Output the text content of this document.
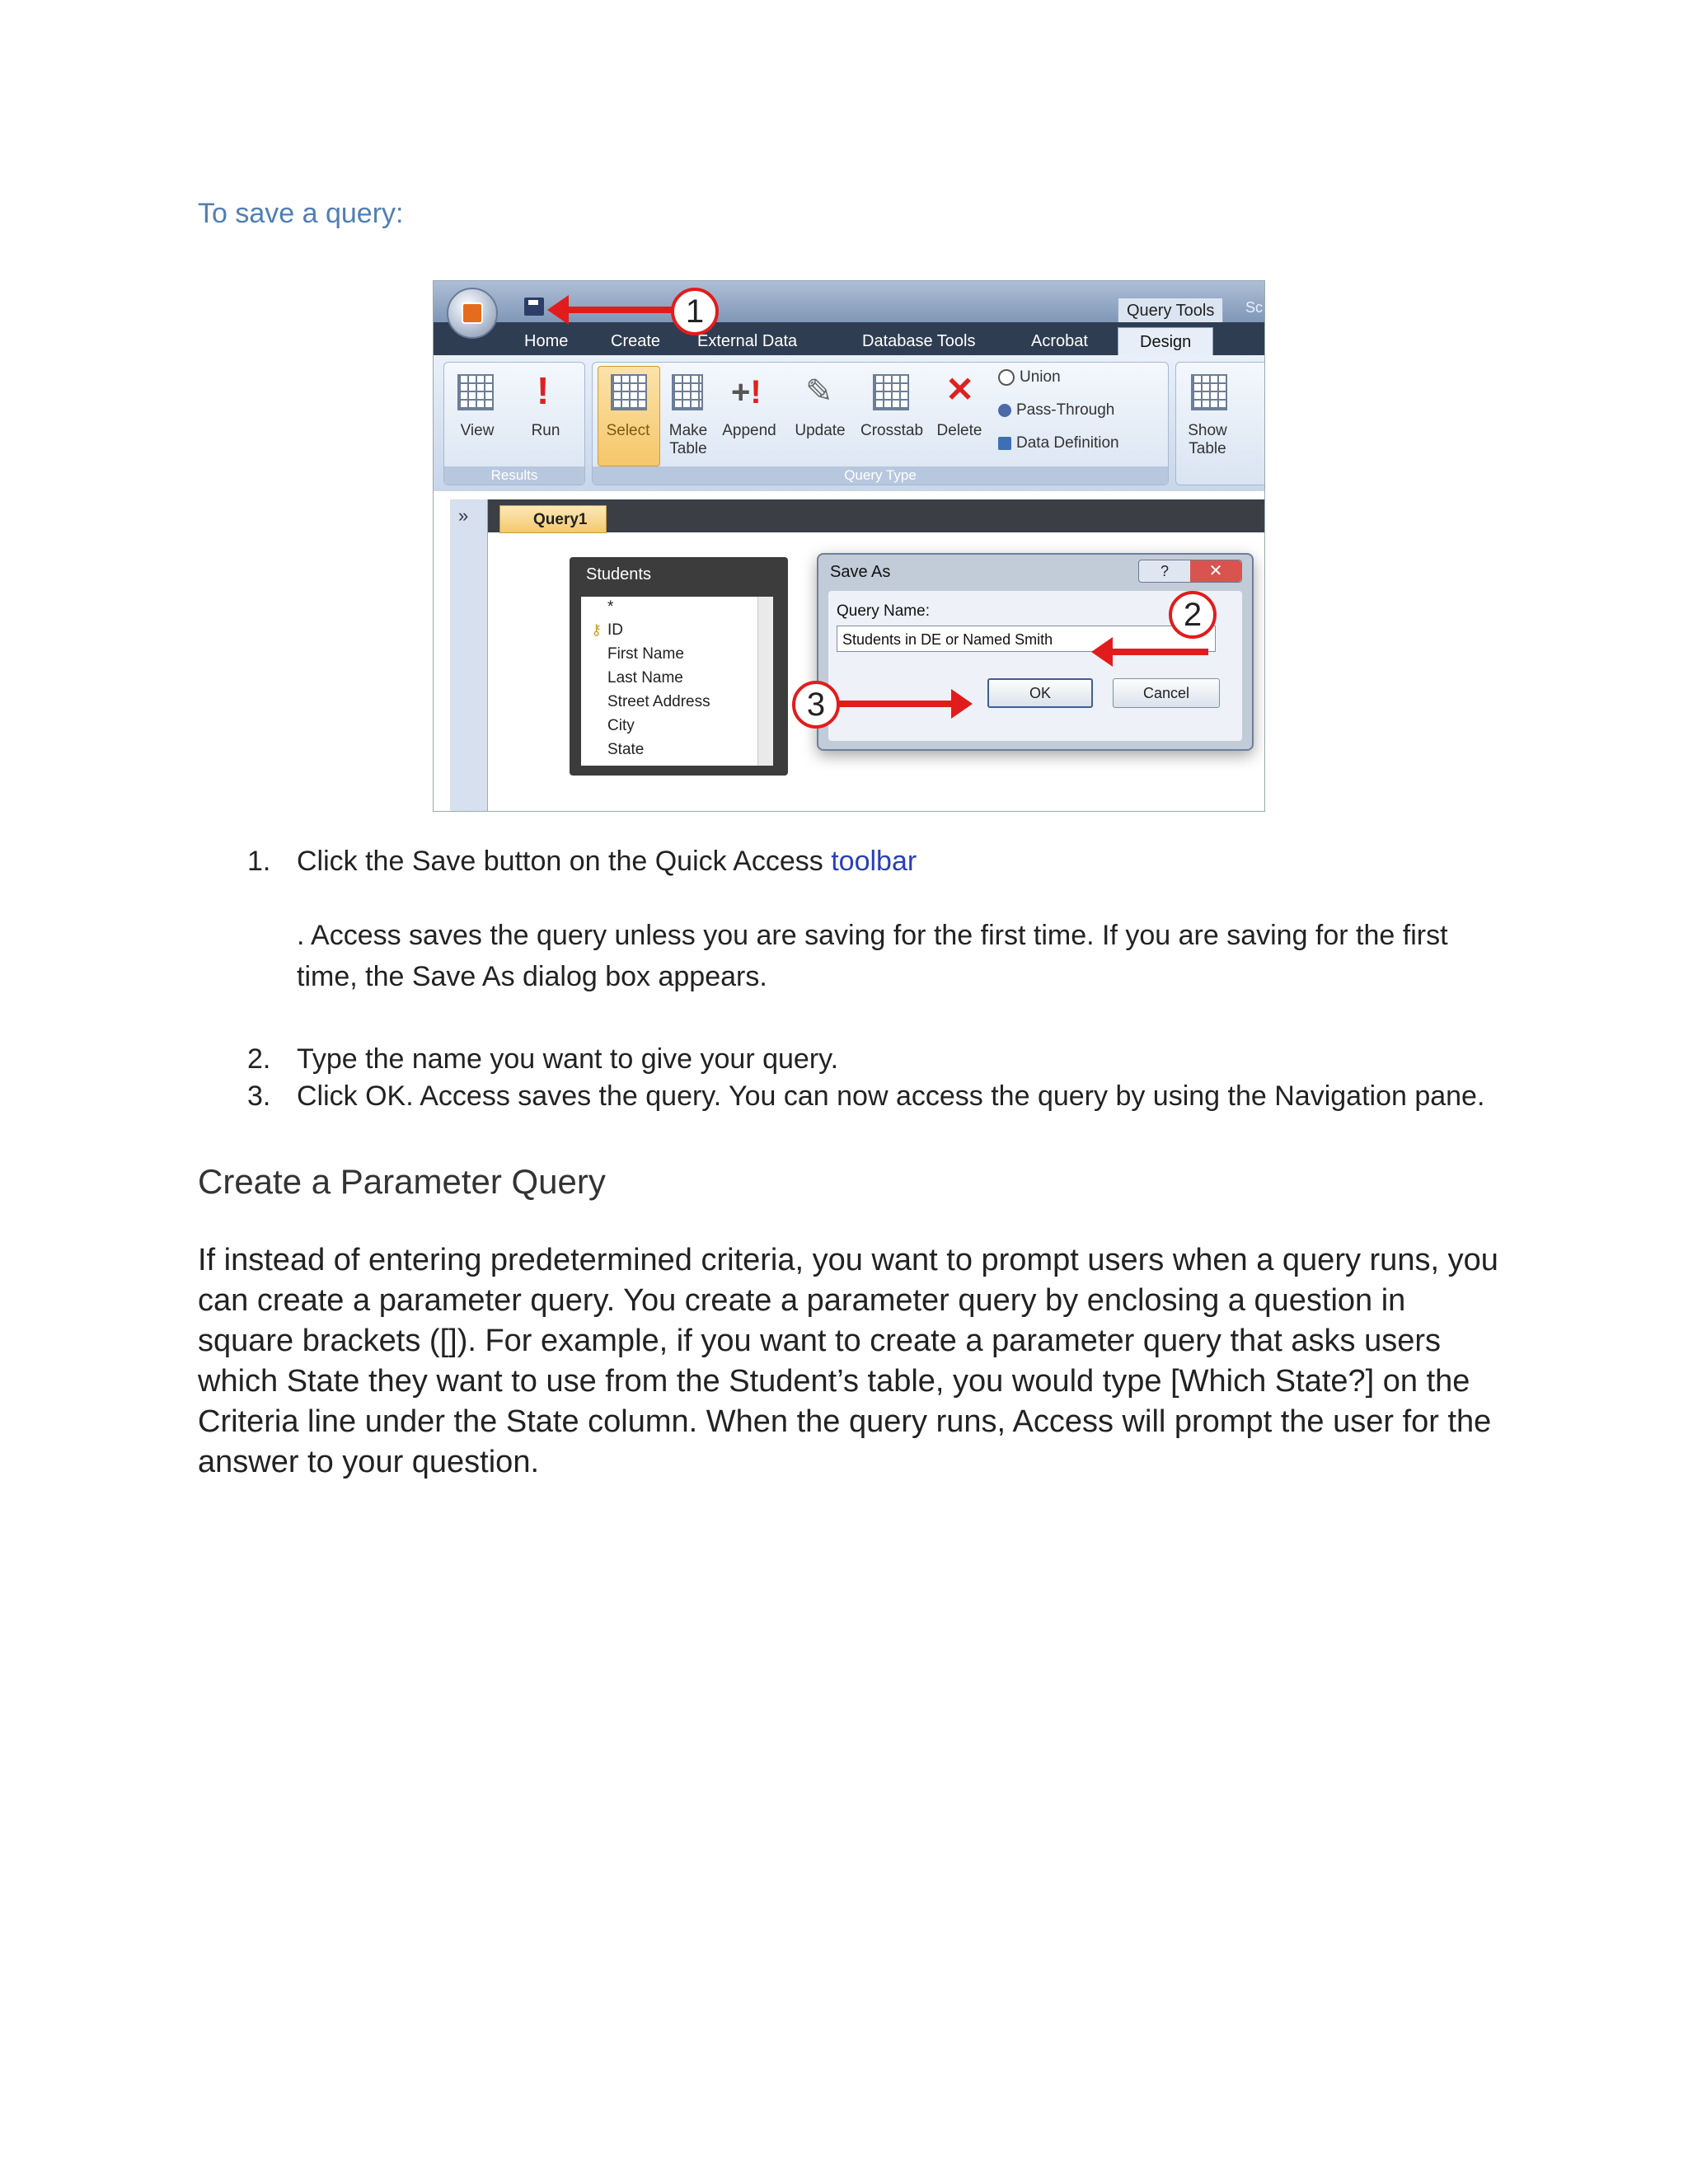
To save a query:
Query Tools	Sc
Home	Create External Data	Database Tools	Acrobat	Design
View
!
Run
Results
Select	Make
Table
+!
Append
✎
Update Crosstab
✕
Delete
Union
Pass-Through
Data Definition
Query Type
Show
Table
»	Query1
Students
*
⚷ ID
First Name
Last Name
Street Address
City
State
Save As	?	✕
Query Name:
Students in DE or Named Smith
OK	Cancel
1
2
3
1. Click the Save button on the Quick Access toolbar
. Access saves the query unless you are saving for the first time. If you are saving for the first
time, the Save As dialog box appears.
2. Type the name you want to give your query.
3. Click OK. Access saves the query. You can now access the query by using the Navigation pane.
Create a Parameter Query
If instead of entering predetermined criteria, you want to prompt users when a query runs, you can create a parameter query. You create a parameter query by enclosing a question in square brackets ([]). For example, if you want to create a parameter query that asks users which State they want to use from the Student’s table, you would type [Which State?] on the Criteria line under the State column. When the query runs, Access will prompt the user for the answer to your question.
